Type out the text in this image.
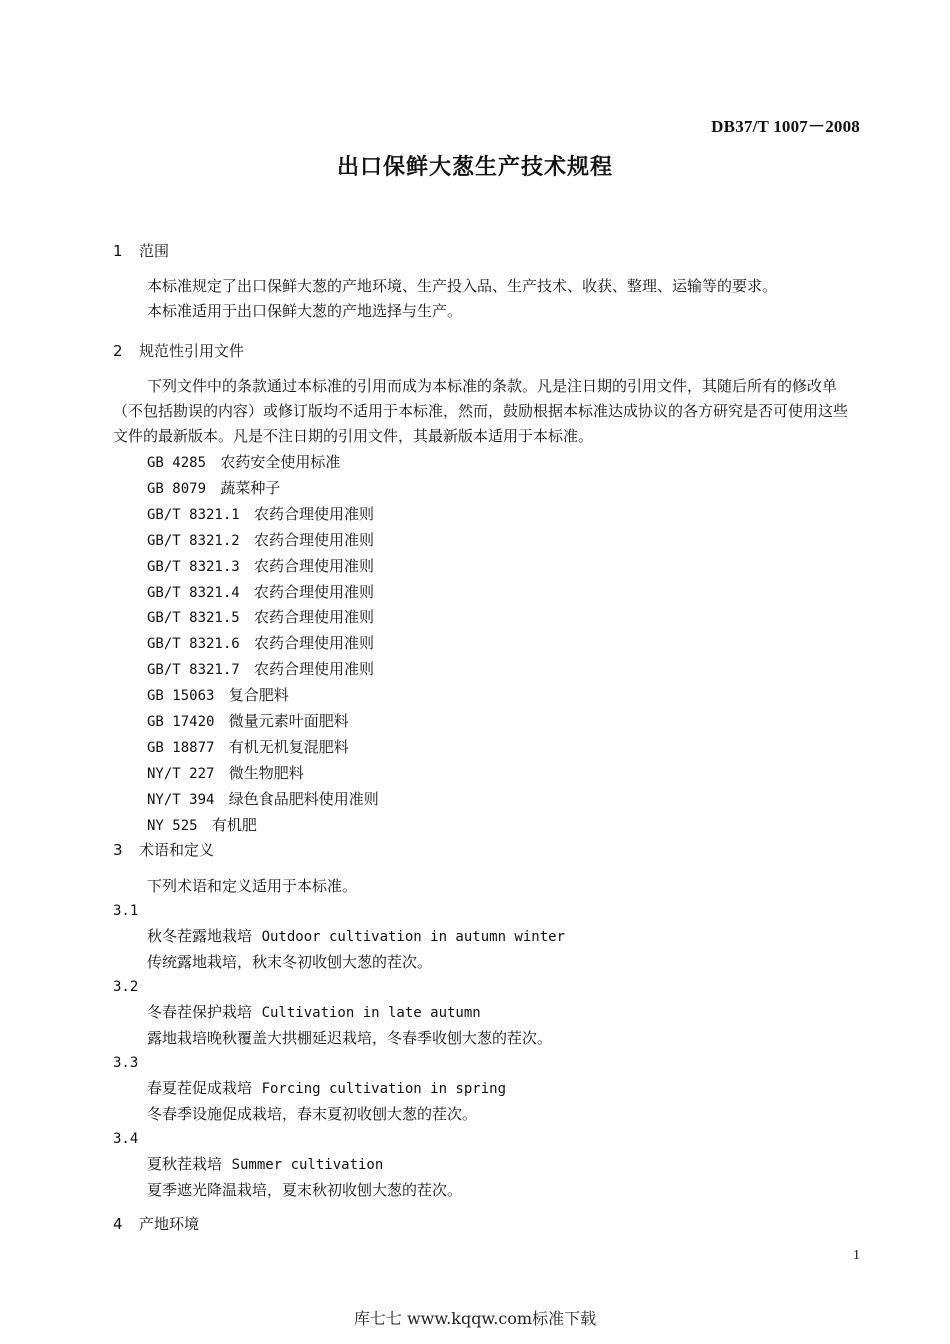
DB37/T 1007－2008
出口保鲜大葱生产技术规程
1 范围
本标准规定了出口保鲜大葱的产地环境、生产投入品、生产技术、收获、整理、运输等的要求。
本标准适用于出口保鲜大葱的产地选择与生产。
2 规范性引用文件

下列文件中的条款通过本标准的引用而成为本标准的条款。凡是注日期的引用文件，其随后所有的修改单（不包括勘误的内容）或修订版均不适用于本标准，然而，鼓励根据本标准达成协议的各方研究是否可使用这些文件的最新版本。凡是不注日期的引用文件，其最新版本适用于本标准。

GB 4285 农药安全使用标准
GB 8079 蔬菜种子
GB/T 8321.1 农药合理使用准则
GB/T 8321.2 农药合理使用准则
GB/T 8321.3 农药合理使用准则
GB/T 8321.4 农药合理使用准则
GB/T 8321.5 农药合理使用准则
GB/T 8321.6 农药合理使用准则
GB/T 8321.7 农药合理使用准则
GB 15063 复合肥料
GB 17420 微量元素叶面肥料
GB 18877 有机无机复混肥料
NY/T 227 微生物肥料
NY/T 394 绿色食品肥料使用准则
NY 525 有机肥
3 术语和定义
下列术语和定义适用于本标准。
3.1
秋冬茬露地栽培 Outdoor cultivation in autumn winter
传统露地栽培，秋末冬初收刨大葱的茬次。
3.2
冬春茬保护栽培 Cultivation in late autumn
露地栽培晚秋覆盖大拱棚延迟栽培，冬春季收刨大葱的茬次。
3.3
春夏茬促成栽培 Forcing cultivation in spring
冬春季设施促成栽培，春末夏初收刨大葱的茬次。
3.4
夏秋茬栽培 Summer cultivation
夏季遮光降温栽培，夏末秋初收刨大葱的茬次。
4 产地环境
1
库七七 www.kqqw.com标准下载
